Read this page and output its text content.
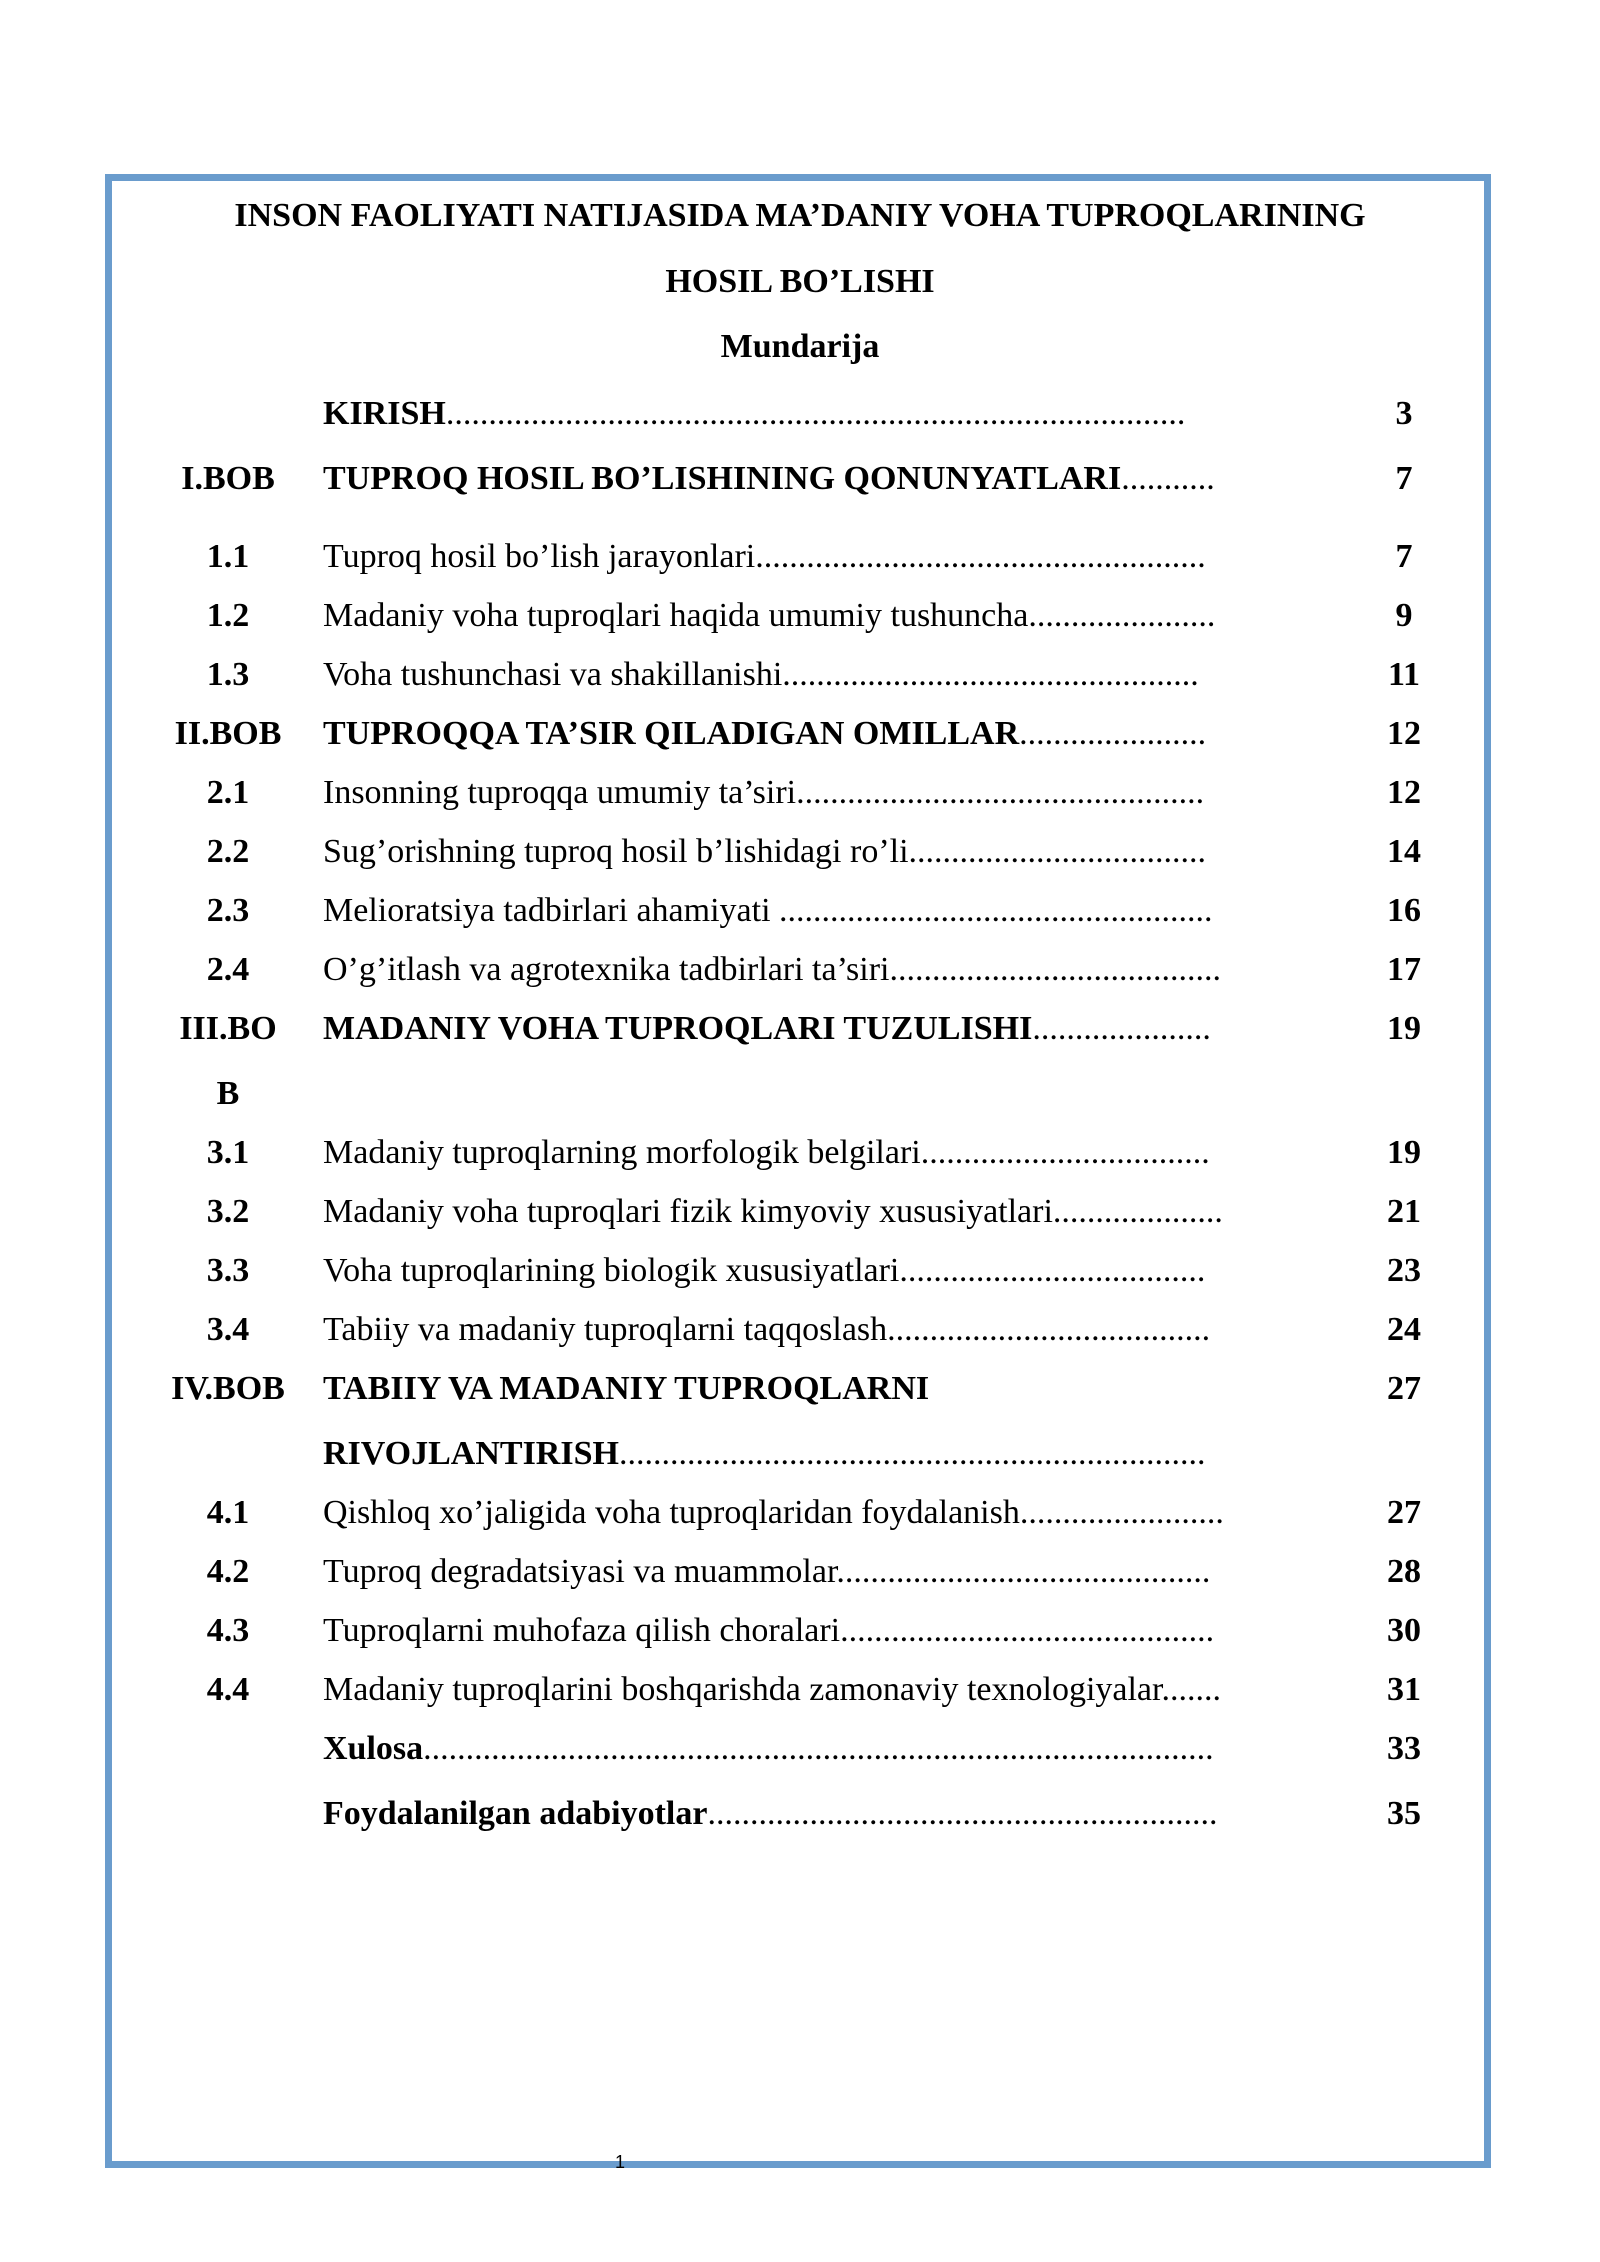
INSON FAOLIYATI NATIJASIDA MA’DANIY VOHA TUPROQLARINING
HOSIL BO’LISHI
Mundarija
KIRISH.......................................................................................	3
I.BOB	TUPROQ HOSIL BO’LISHINING QONUNYATLARI...........	7
1.1	Tuproq hosil bo’lish jarayonlari.....................................................	7
1.2	Madaniy voha tuproqlari haqida umumiy tushuncha......................	9
1.3	Voha tushunchasi va shakillanishi.................................................	11
II.BOB	TUPROQQA TA’SIR QILADIGAN OMILLAR......................	12
2.1	Insonning tuproqqa umumiy ta’siri................................................	12
2.2	Sug’orishning tuproq hosil b’lishidagi ro’li...................................	14
2.3	Melioratsiya tadbirlari ahamiyati ...................................................	16
2.4	O’g’itlash va agrotexnika tadbirlari ta’siri.......................................	17
III.BO	MADANIY VOHA TUPROQLARI TUZULISHI.....................	19
B
3.1	Madaniy tuproqlarning morfologik belgilari..................................	19
3.2	Madaniy voha tuproqlari fizik kimyoviy xususiyatlari....................	21
3.3	Voha tuproqlarining biologik xususiyatlari....................................	23
3.4	Tabiiy va madaniy tuproqlarni taqqoslash......................................	24
IV.BOB	TABIIY VA MADANIY TUPROQLARNI	27
RIVOJLANTIRISH.....................................................................
4.1	Qishloq xo’jaligida voha tuproqlaridan foydalanish........................	27
4.2	Tuproq degradatsiyasi va muammolar............................................	28
4.3	Tuproqlarni muhofaza qilish choralari............................................	30
4.4	Madaniy tuproqlarini boshqarishda zamonaviy texnologiyalar.......	31
Xulosa.............................................................................................	33
Foydalanilgan adabiyotlar............................................................	35
1
